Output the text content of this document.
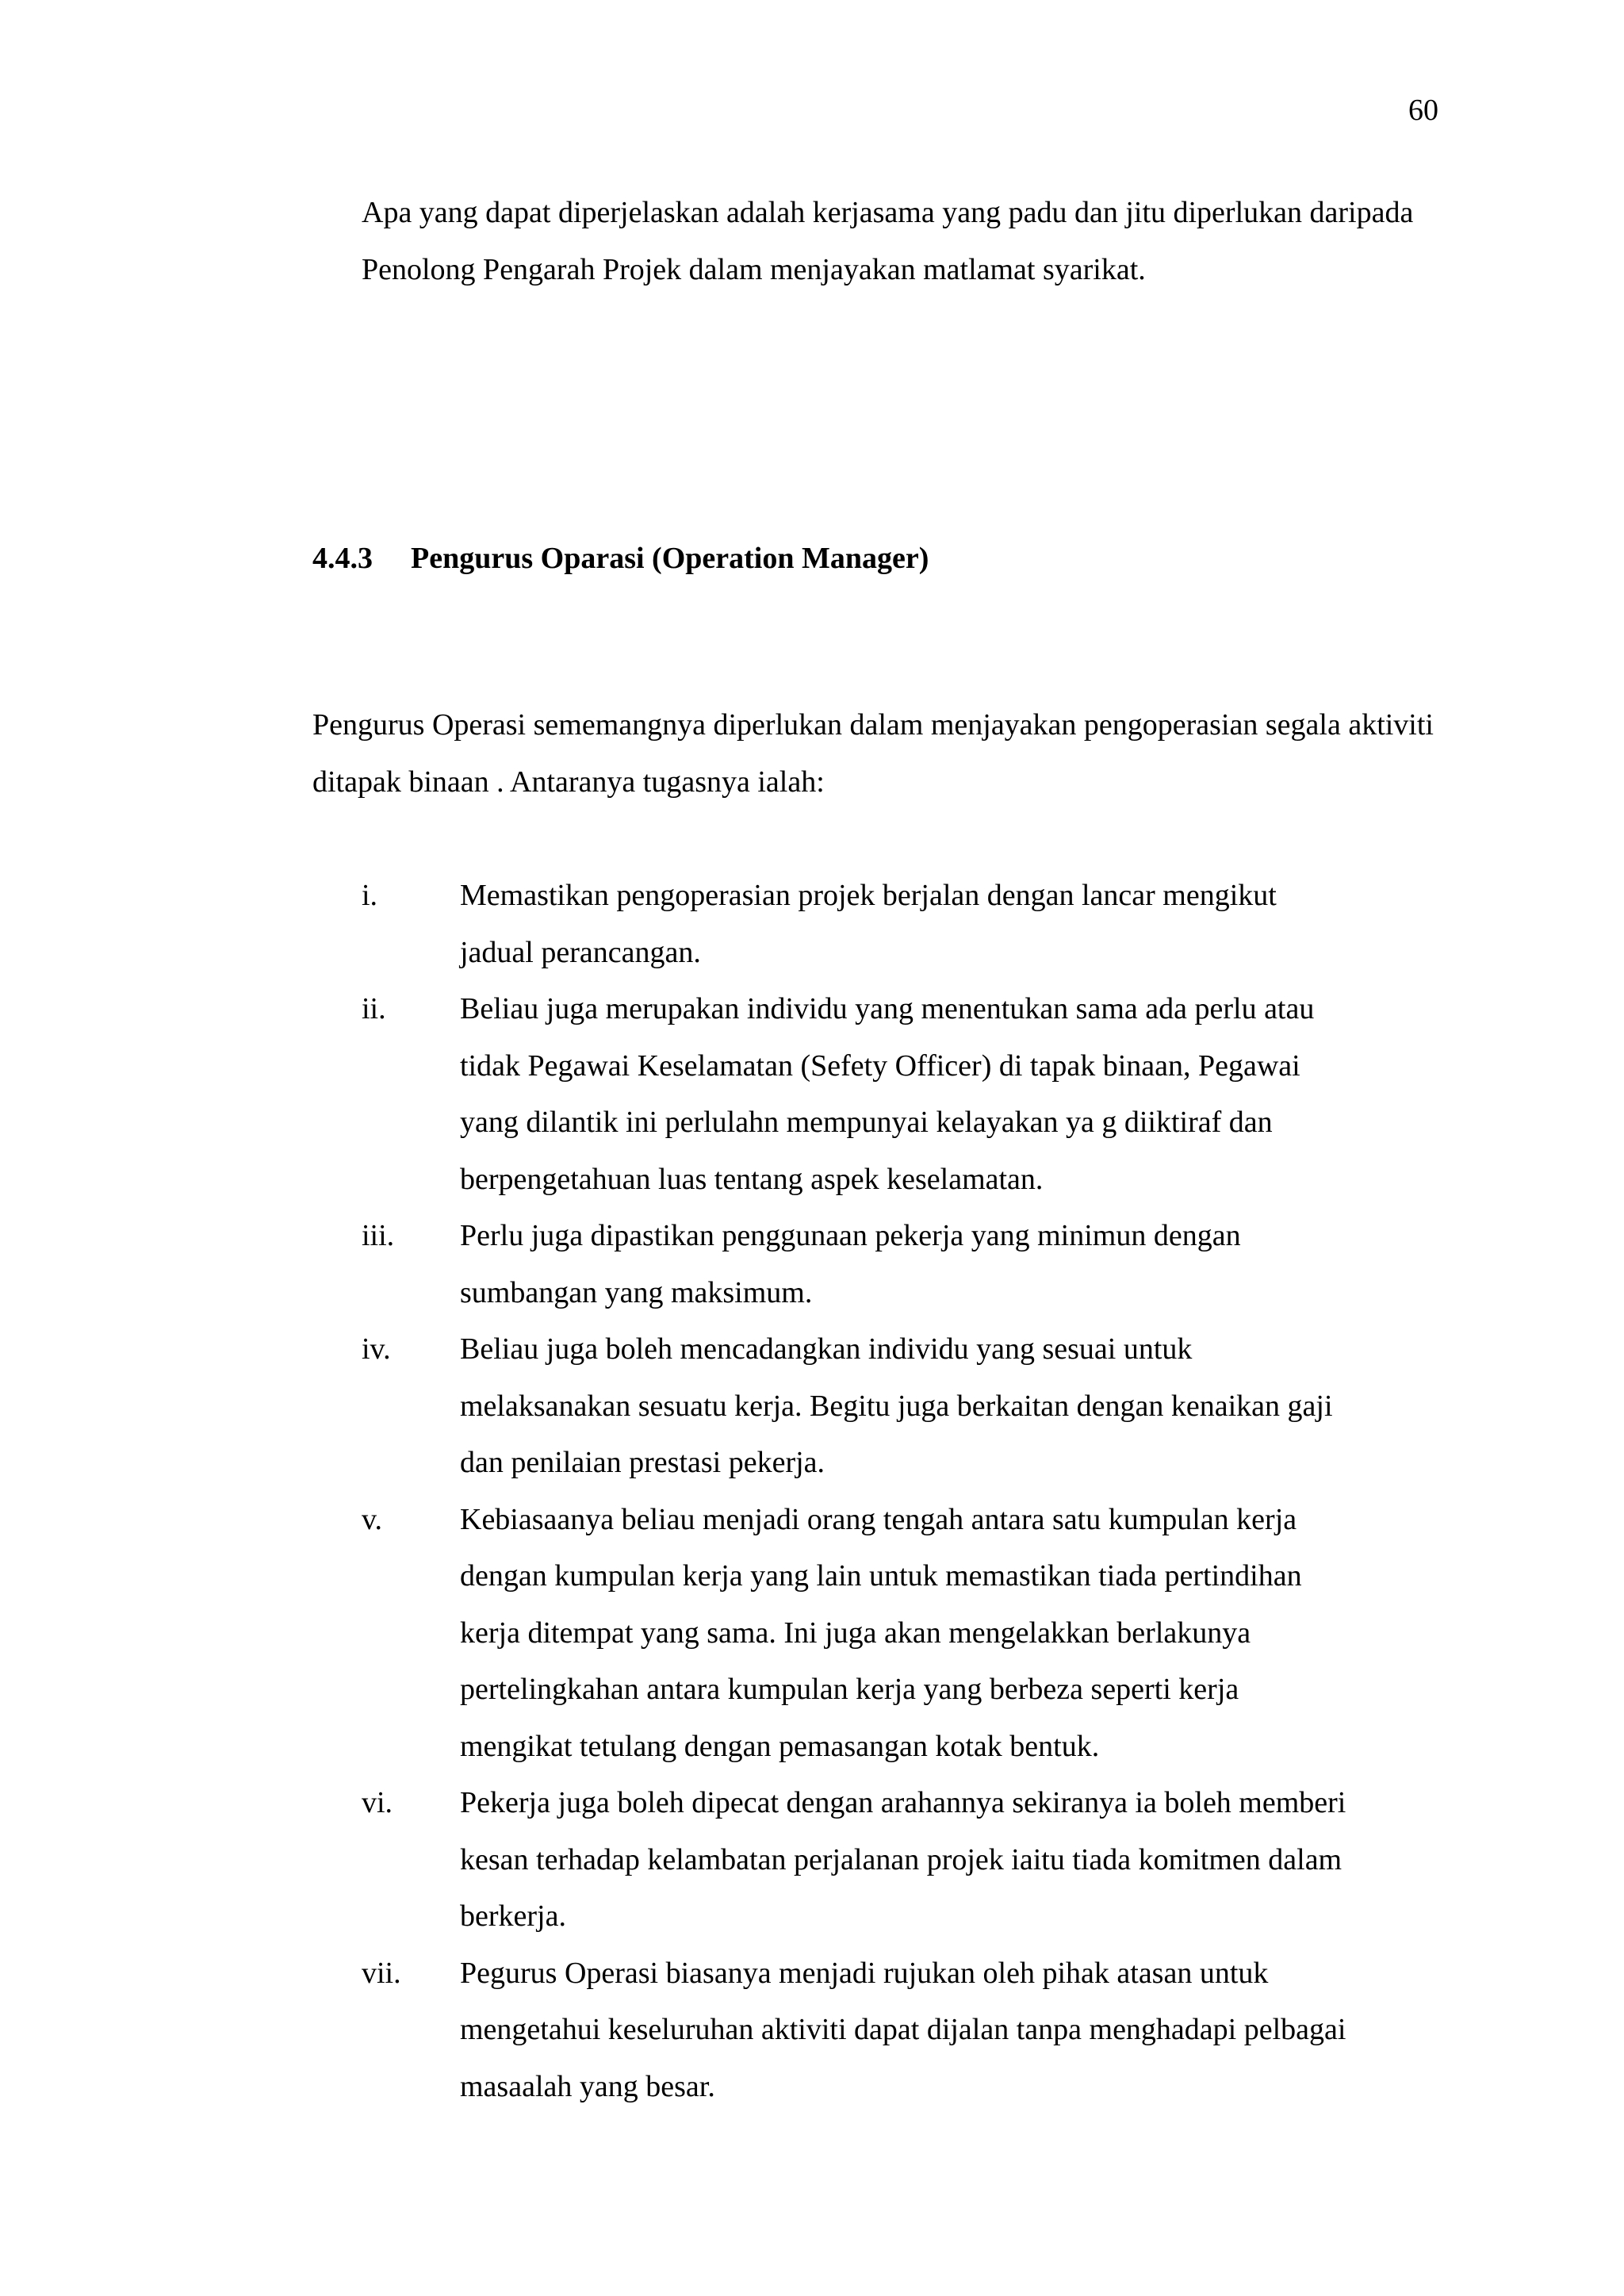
60

Apa yang dapat diperjelaskan adalah kerjasama yang padu dan jitu diperlukan daripada Penolong Pengarah Projek dalam menjayakan matlamat syarikat.

4.4.3	Pengurus Oparasi (Operation Manager)

Pengurus Operasi sememangnya diperlukan dalam menjayakan pengoperasian segala aktiviti ditapak binaan . Antaranya tugasnya ialah:

i.	Memastikan pengoperasian projek berjalan dengan lancar mengikut
jadual perancangan.
ii.	Beliau juga merupakan individu yang menentukan sama ada perlu atau
tidak Pegawai Keselamatan (Sefety Officer) di tapak binaan, Pegawai
yang dilantik ini perlulahn mempunyai kelayakan ya g diiktiraf dan
berpengetahuan luas tentang aspek keselamatan.
iii.	Perlu juga dipastikan penggunaan pekerja yang minimun dengan
sumbangan yang maksimum.
iv.	Beliau juga boleh mencadangkan individu yang sesuai untuk
melaksanakan sesuatu kerja. Begitu juga berkaitan dengan kenaikan gaji
dan penilaian prestasi pekerja.
v.	Kebiasaanya beliau menjadi orang tengah antara satu kumpulan kerja
dengan kumpulan kerja yang lain untuk memastikan tiada pertindihan
kerja ditempat yang sama. Ini juga akan mengelakkan berlakunya
pertelingkahan antara kumpulan kerja yang berbeza seperti kerja
mengikat tetulang dengan pemasangan kotak bentuk.
vi.	Pekerja juga boleh dipecat dengan arahannya sekiranya ia boleh memberi
kesan terhadap kelambatan perjalanan projek iaitu tiada komitmen dalam
berkerja.
vii.	Pegurus Operasi biasanya menjadi rujukan oleh pihak atasan untuk
mengetahui keseluruhan aktiviti dapat dijalan tanpa menghadapi pelbagai
masaalah yang besar.
